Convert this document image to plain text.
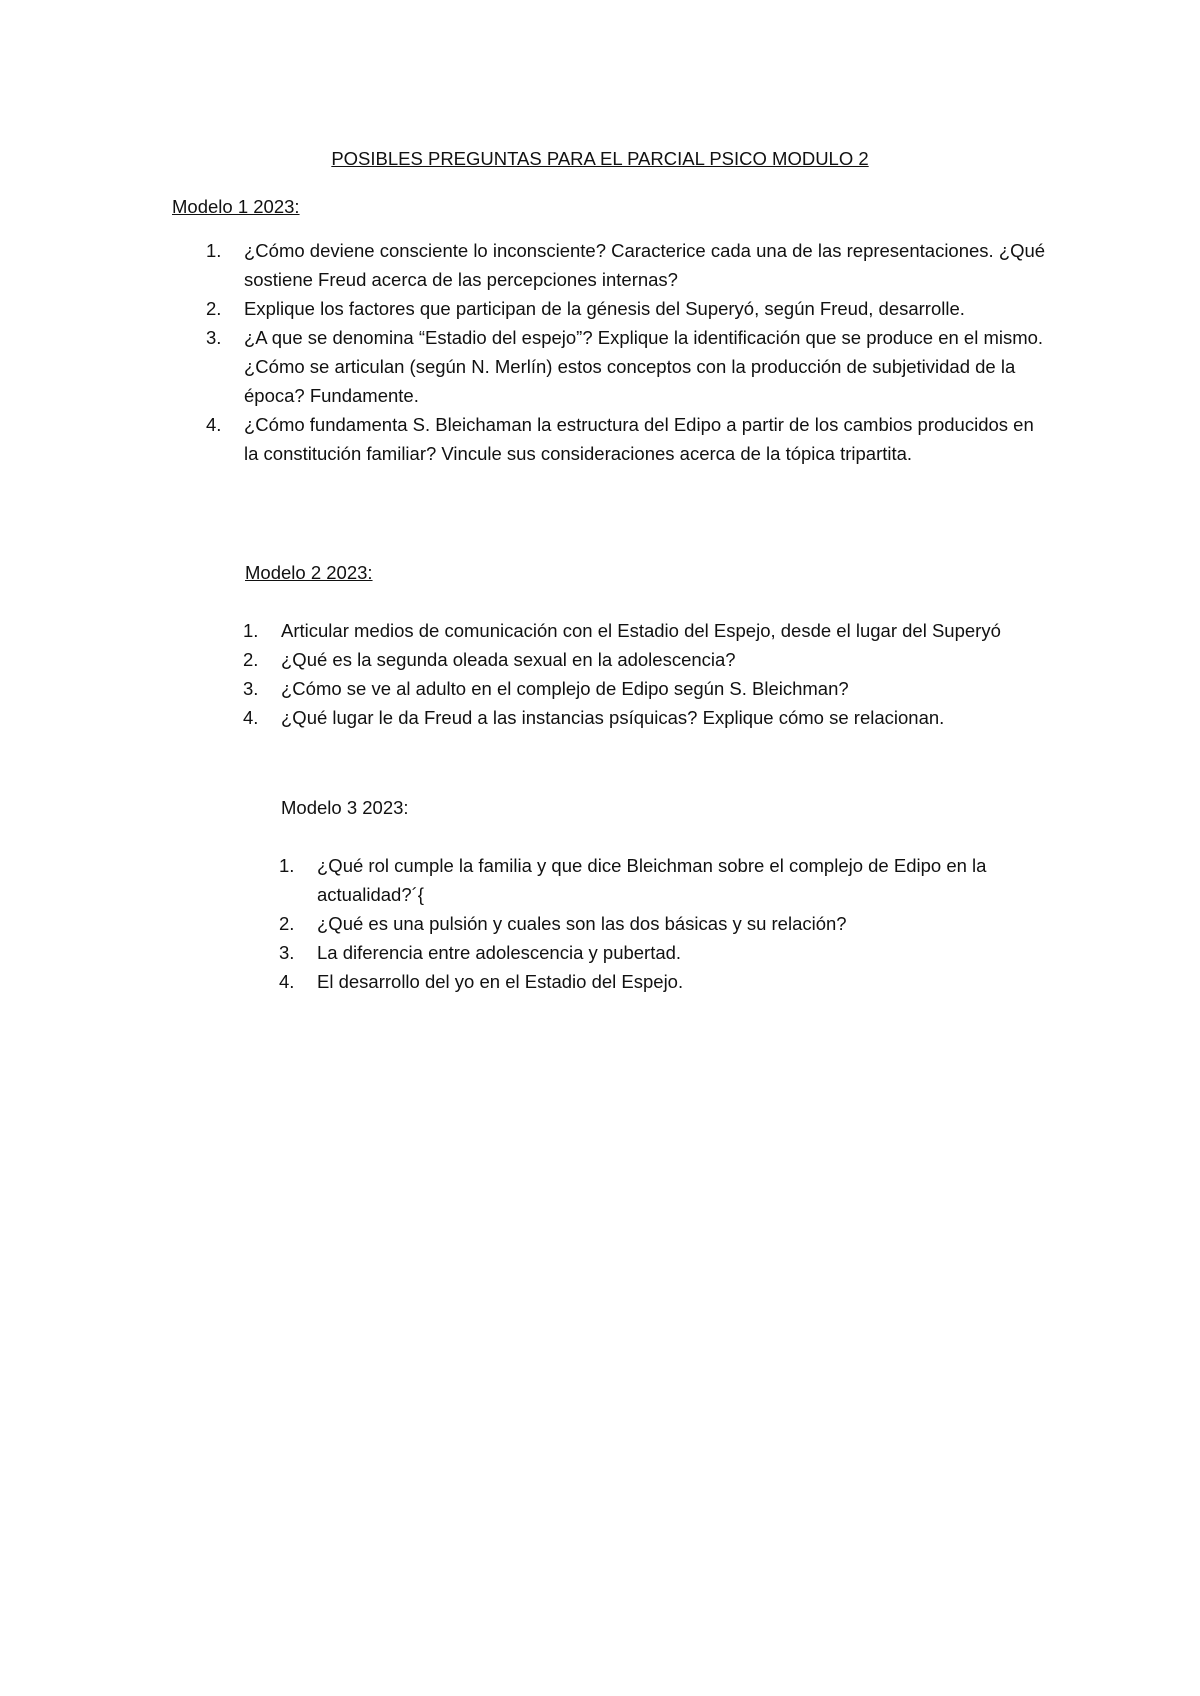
POSIBLES PREGUNTAS PARA EL PARCIAL PSICO MODULO 2
Modelo 1 2023:
1. ¿Cómo deviene consciente lo inconsciente? Caracterice cada una de las representaciones. ¿Qué sostiene Freud acerca de las percepciones internas?
2. Explique los factores que participan de la génesis del Superyó, según Freud, desarrolle.
3. ¿A que se denomina “Estadio del espejo”? Explique la identificación que se produce en el mismo. ¿Cómo se articulan (según N. Merlín) estos conceptos con la producción de subjetividad de la época? Fundamente.
4. ¿Cómo fundamenta S. Bleichaman la estructura del Edipo a partir de los cambios producidos en la constitución familiar? Vincule sus consideraciones acerca de la tópica tripartita.
Modelo 2 2023:
1. Articular medios de comunicación con el Estadio del Espejo, desde el lugar del Superyó
2. ¿Qué es la segunda oleada sexual en la adolescencia?
3. ¿Cómo se ve al adulto en el complejo de Edipo según S. Bleichman?
4. ¿Qué lugar le da Freud a las instancias psíquicas? Explique cómo se relacionan.
Modelo 3 2023:
1. ¿Qué rol cumple la familia y que dice Bleichman sobre el complejo de Edipo en la actualidad?´{
2. ¿Qué es una pulsión y cuales son las dos básicas y su relación?
3. La diferencia entre adolescencia y pubertad.
4. El desarrollo del yo en el Estadio del Espejo.
